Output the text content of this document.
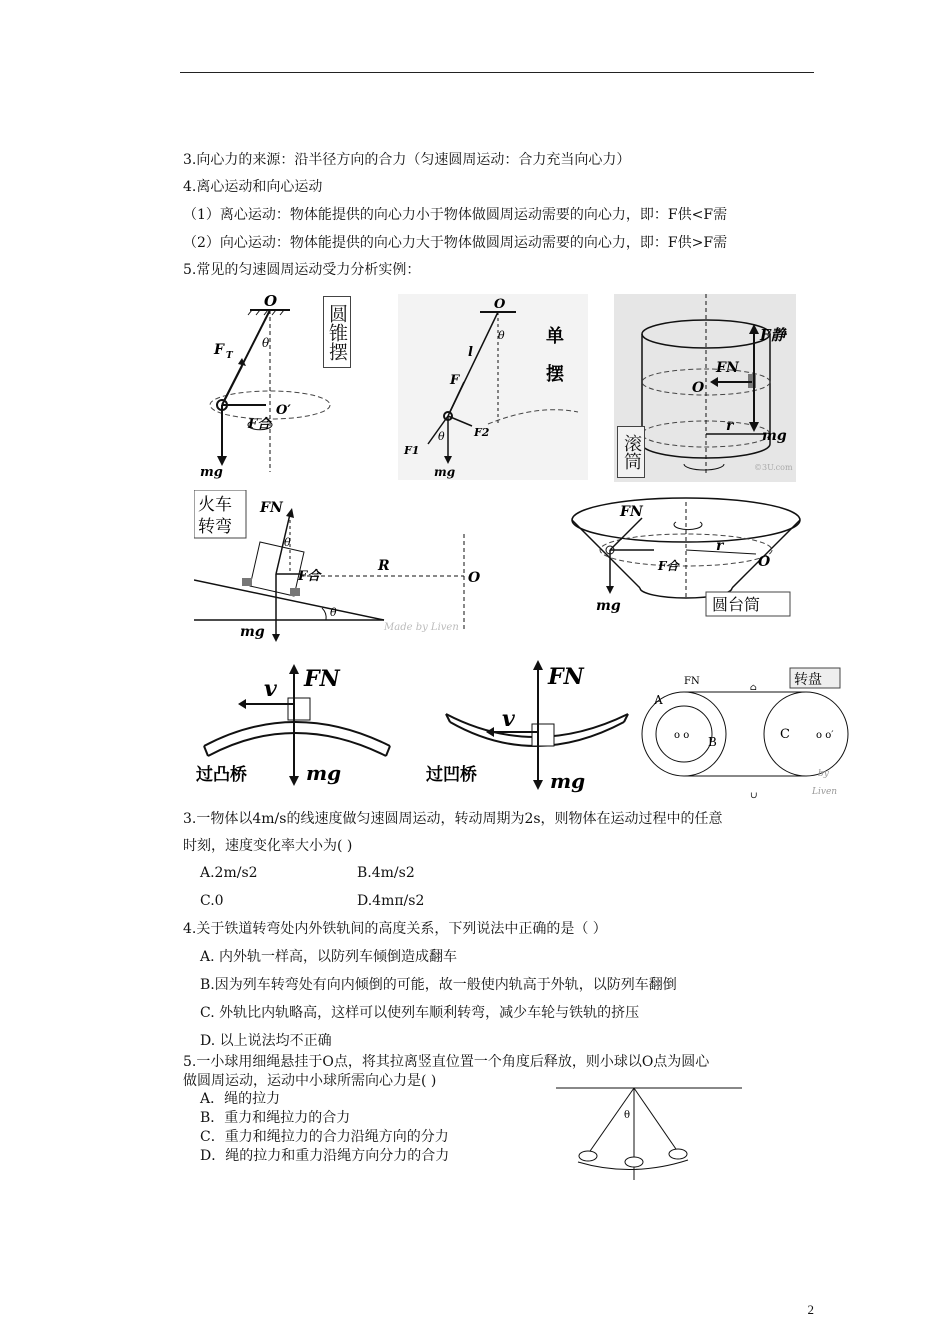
3.向心力的来源：沿半径方向的合力（匀速圆周运动：合力充当向心力）
4.离心运动和向心运动
（1）离心运动：物体能提供的向心力小于物体做圆周运动需要的向心力，即：F供<F需
（2）向心运动：物体能提供的向心力大于物体做圆周运动需要的向心力，即：F供>F需
5.常见的匀速圆周运动受力分析实例：
O
F T
θ
O′
F合
mg
圆锥摆	O
θ
l
F
F2
F1
θ
mg
单
摆
F静
FN
O
r
mg
©3U.com
滚筒
火车
转弯
FN
θ
F合
R
O
θ
mg	Made by Liven
FN
r
O
F合
mg	圆台筒
v FN
mg
过凸桥
v
FN
mg
过凹桥
转盘
FN
A
B	C
o o	o o′
⌂
∪
by
Liven
3.一物体以4m/s的线速度做匀速圆周运动，转动周期为2s，则物体在运动过程中的任意
时刻，速度变化率大小为( )
A.2m/s2	B.4m/s2
C.0	D.4mπ/s2
4.关于铁道转弯处内外铁轨间的高度关系，下列说法中正确的是（ ）
A. 内外轨一样高，以防列车倾倒造成翻车
B.因为列车转弯处有向内倾倒的可能，故一般使内轨高于外轨，以防列车翻倒
C. 外轨比内轨略高，这样可以使列车顺利转弯，减少车轮与铁轨的挤压
D. 以上说法均不正确
5.一小球用细绳悬挂于O点，将其拉离竖直位置一个角度后释放，则小球以O点为圆心
做圆周运动，运动中小球所需向心力是( )
A．绳的拉力
B．重力和绳拉力的合力
C．重力和绳拉力的合力沿绳方向的分力
D．绳的拉力和重力沿绳方向分力的合力
θ
2
